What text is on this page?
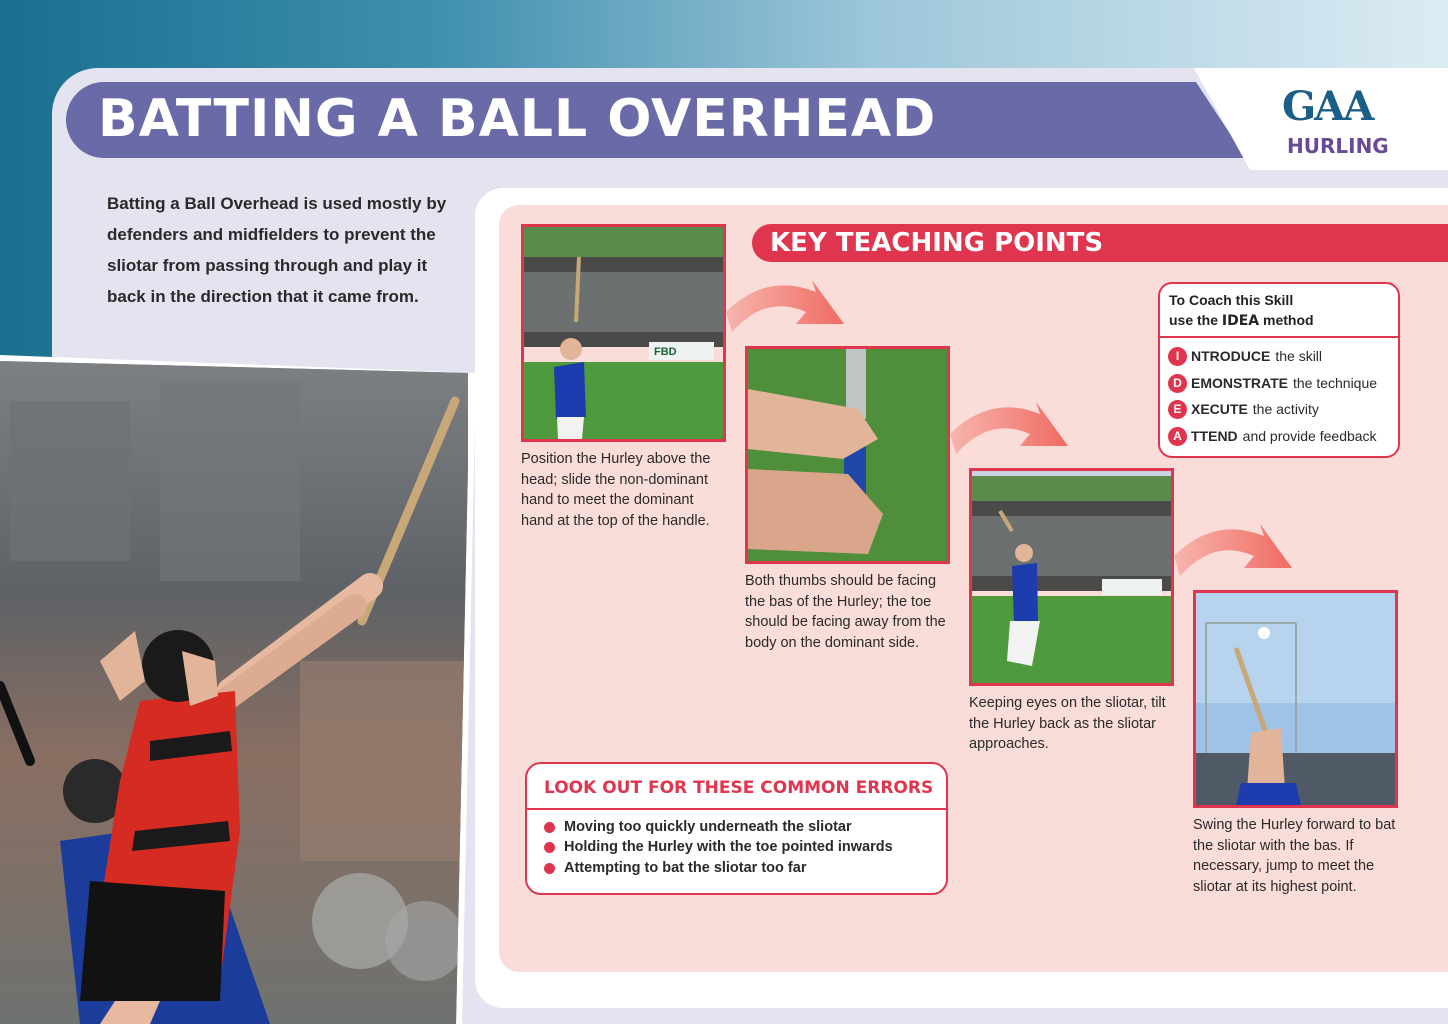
BATTING A BALL OVERHEAD	GAA
HURLING
Batting a Ball Overhead is used mostly by defenders and midfielders to prevent the sliotar from passing through and play it back in the direction that it came from.
KEY TEACHING POINTS
FBD
Position the Hurley above the head; slide the non-dominant hand to meet the dominant hand at the top of the handle.
Both thumbs should be facing the bas of the Hurley; the toe should be facing away from the body on the dominant side.
Keeping eyes on the sliotar, tilt the Hurley back as the sliotar approaches.
Swing the Hurley forward to bat the sliotar with the bas. If necessary, jump to meet the sliotar at its highest point.
To Coach this Skill
use the IDEA method
I NTRODUCE the skill
D EMONSTRATE the technique
E XECUTE the activity
A TTEND and provide feedback
LOOK OUT FOR THESE COMMON ERRORS
Moving too quickly underneath the sliotar
Holding the Hurley with the toe pointed inwards
Attempting to bat the sliotar too far
